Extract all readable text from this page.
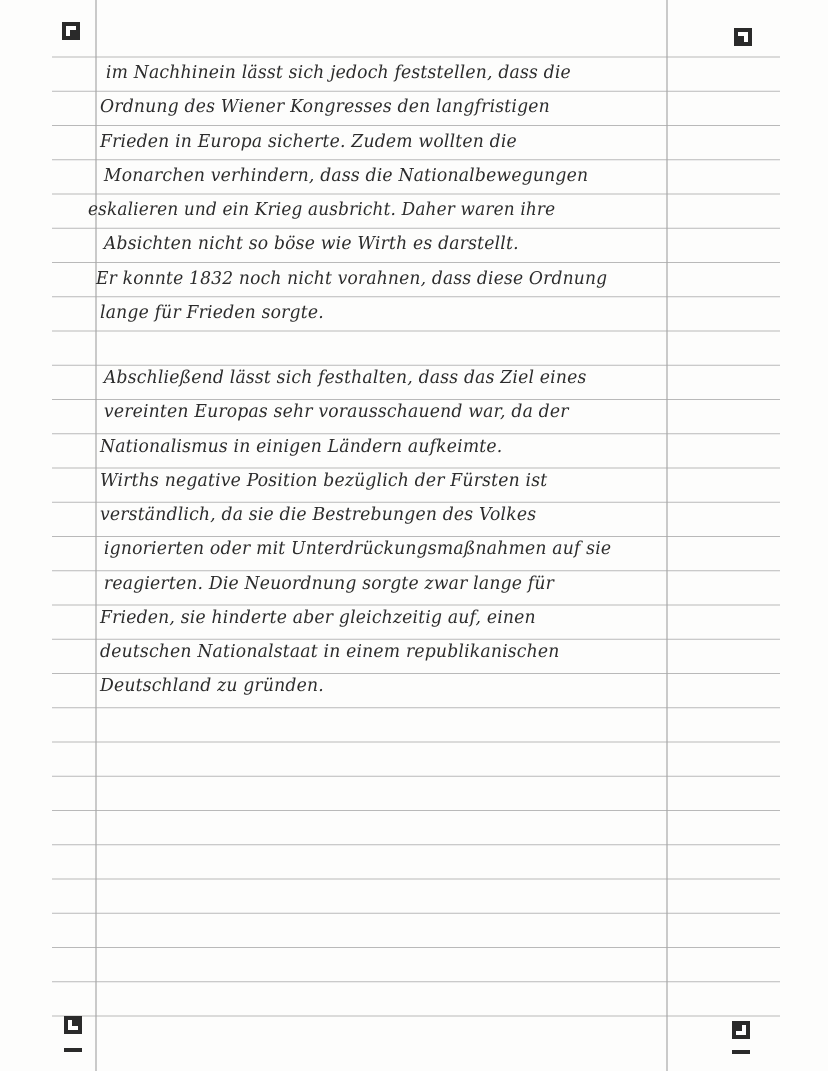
im Nachhinein lässt sich jedoch feststellen, dass die
Ordnung des Wiener Kongresses den langfristigen
Frieden in Europa sicherte. Zudem wollten die
Monarchen verhindern, dass die Nationalbewegungen
eskalieren und ein Krieg ausbricht. Daher waren ihre
Absichten nicht so böse wie Wirth es darstellt.
Er konnte 1832 noch nicht vorahnen, dass diese Ordnung
lange für Frieden sorgte.
Abschließend lässt sich festhalten, dass das Ziel eines
vereinten Europas sehr vorausschauend war, da der
Nationalismus in einigen Ländern aufkeimte.
Wirths negative Position bezüglich der Fürsten ist
verständlich, da sie die Bestrebungen des Volkes
ignorierten oder mit Unterdrückungsmaßnahmen auf sie
reagierten. Die Neuordnung sorgte zwar lange für
Frieden, sie hinderte aber gleichzeitig auf, einen
deutschen Nationalstaat in einem republikanischen
Deutschland zu gründen.
